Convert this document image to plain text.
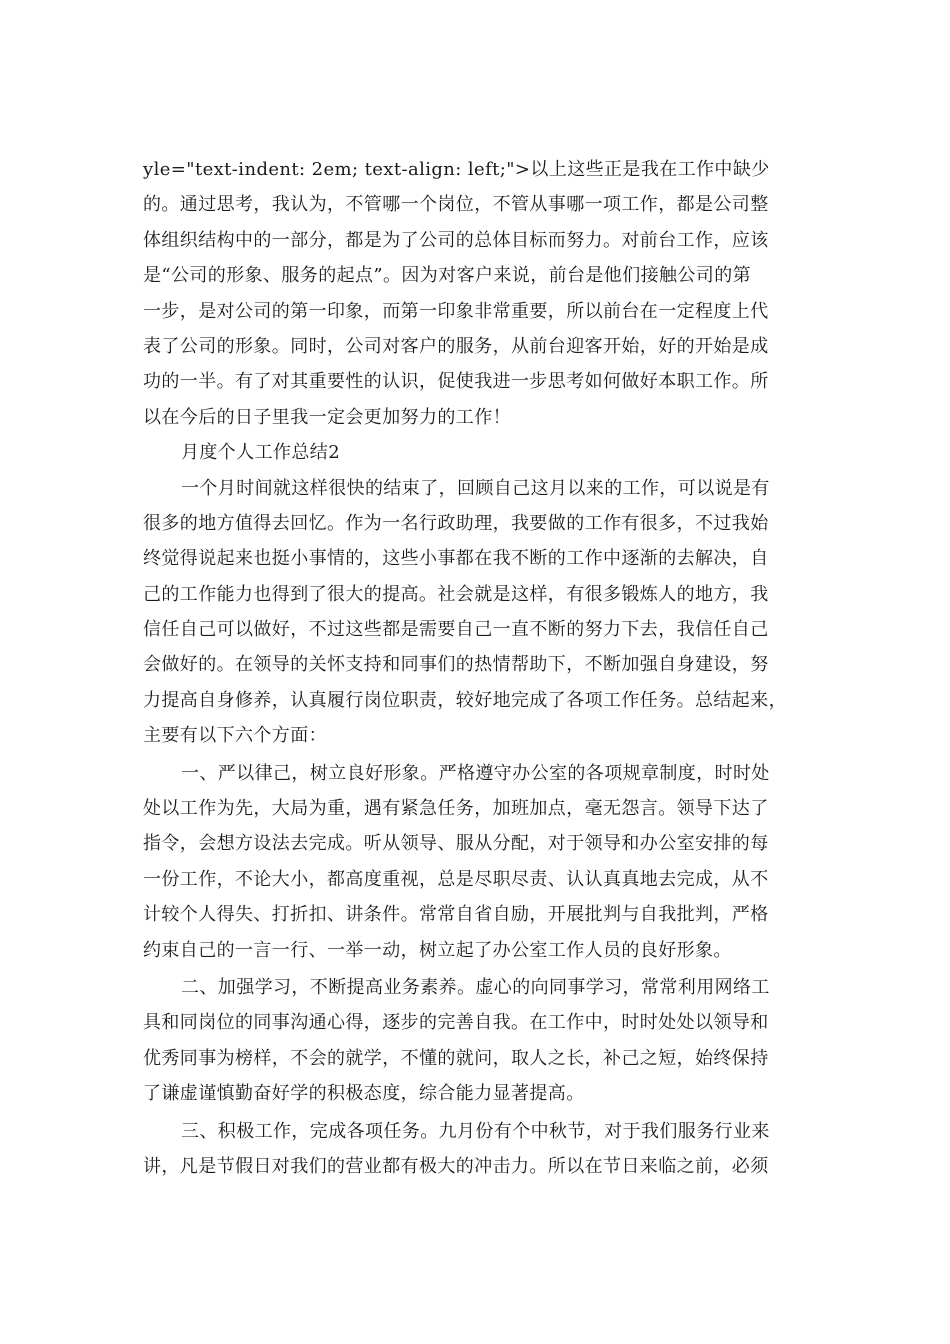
yle="text-indent: 2em; text-align: left;">以上这些正是我在工作中缺少
的。通过思考，我认为，不管哪一个岗位，不管从事哪一项工作，都是公司整
体组织结构中的一部分，都是为了公司的总体目标而努力。对前台工作，应该
是“公司的形象、服务的起点”。因为对客户来说，前台是他们接触公司的第
一步，是对公司的第一印象，而第一印象非常重要，所以前台在一定程度上代
表了公司的形象。同时，公司对客户的服务，从前台迎客开始，好的开始是成
功的一半。有了对其重要性的认识，促使我进一步思考如何做好本职工作。所
以在今后的日子里我一定会更加努力的工作！
月度个人工作总结2
一个月时间就这样很快的结束了，回顾自己这月以来的工作，可以说是有
很多的地方值得去回忆。作为一名行政助理，我要做的工作有很多，不过我始
终觉得说起来也挺小事情的，这些小事都在我不断的工作中逐渐的去解决，自
己的工作能力也得到了很大的提高。社会就是这样，有很多锻炼人的地方，我
信任自己可以做好，不过这些都是需要自己一直不断的努力下去，我信任自己
会做好的。在领导的关怀支持和同事们的热情帮助下，不断加强自身建设，努
力提高自身修养，认真履行岗位职责，较好地完成了各项工作任务。总结起来，
主要有以下六个方面：
一、严以律己，树立良好形象。严格遵守办公室的各项规章制度，时时处
处以工作为先，大局为重，遇有紧急任务，加班加点，毫无怨言。领导下达了
指令，会想方设法去完成。听从领导、服从分配，对于领导和办公室安排的每
一份工作，不论大小，都高度重视，总是尽职尽责、认认真真地去完成，从不
计较个人得失、打折扣、讲条件。常常自省自励，开展批判与自我批判，严格
约束自己的一言一行、一举一动，树立起了办公室工作人员的良好形象。
二、加强学习，不断提高业务素养。虚心的向同事学习，常常利用网络工
具和同岗位的同事沟通心得，逐步的完善自我。在工作中，时时处处以领导和
优秀同事为榜样，不会的就学，不懂的就问，取人之长，补己之短，始终保持
了谦虚谨慎勤奋好学的积极态度，综合能力显著提高。
三、积极工作，完成各项任务。九月份有个中秋节，对于我们服务行业来
讲，凡是节假日对我们的营业都有极大的冲击力。所以在节日来临之前，必须
